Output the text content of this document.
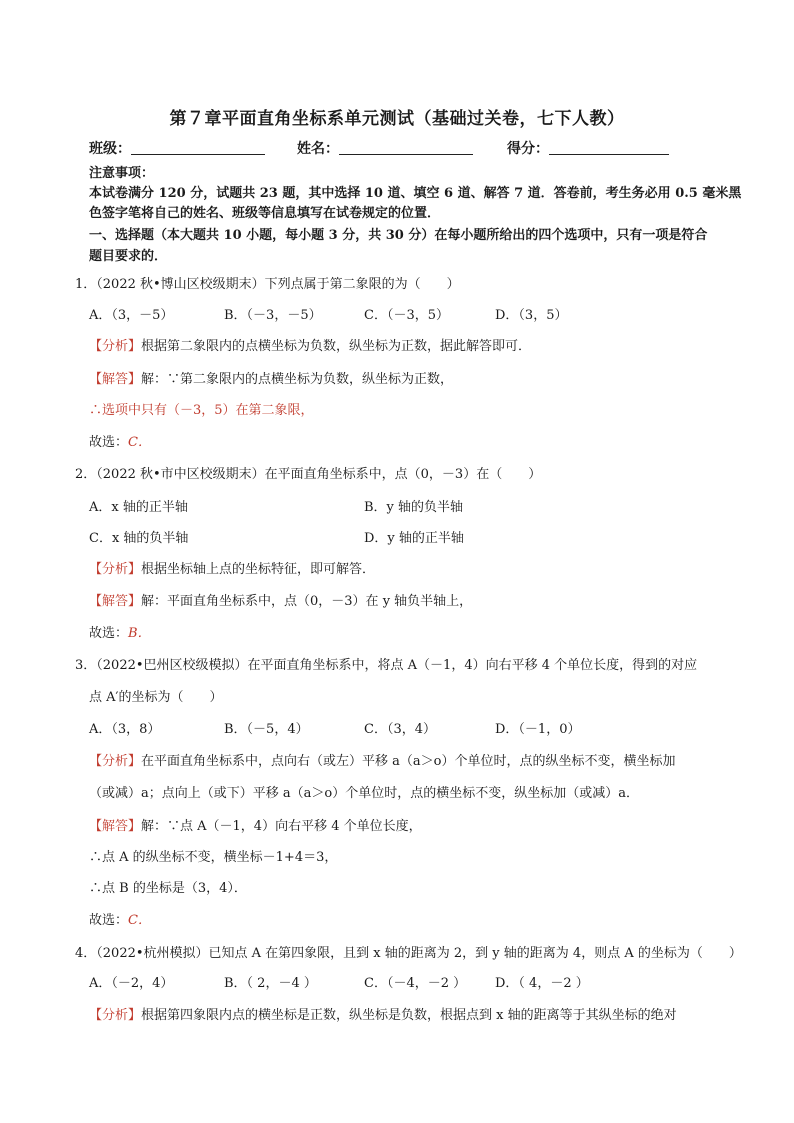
第７章平面直角坐标系单元测试（基础过关卷，七下人教）
班级：	姓名：	得分：
注意事项：
本试卷满分 120 分，试题共 23 题，其中选择 10 道、填空 6 道、解答 7 道．答卷前，考生务必用 0.5 毫米黑
色签字笔将自己的姓名、班级等信息填写在试卷规定的位置．
一、选择题（本大题共 10 小题，每小题 3 分，共 30 分）在每小题所给出的四个选项中，只有一项是符合
题目要求的．
1．（2022 秋•博山区校级期末）下列点属于第二象限的为（　　）
A．（3，－5）	B．（－3，－5）	C．（－3，5）	D．（3，5）
【分析】根据第二象限内的点横坐标为负数，纵坐标为正数，据此解答即可．
【解答】解：∵第二象限内的点横坐标为负数，纵坐标为正数，
∴选项中只有（－3，5）在第二象限，
故选：C．
2．（2022 秋•市中区校级期末）在平面直角坐标系中，点（0，－3）在（　　）
A．x 轴的正半轴	B．y 轴的负半轴
C．x 轴的负半轴	D．y 轴的正半轴
【分析】根据坐标轴上点的坐标特征，即可解答．
【解答】解：平面直角坐标系中，点（0，－3）在 y 轴负半轴上，
故选：B．
3．（2022•巴州区校级模拟）在平面直角坐标系中，将点 A（－1，4）向右平移 4 个单位长度，得到的对应
点 A′的坐标为（　　）
A．（3，8）	B．（－5，4）	C．（3，4）	D．（－1，0）
【分析】在平面直角坐标系中，点向右（或左）平移 a（a＞o）个单位时，点的纵坐标不变，横坐标加
（或减）a；点向上（或下）平移 a（a＞o）个单位时，点的横坐标不变，纵坐标加（或减）a．
【解答】解：∵点 A（－1，4）向右平移 4 个单位长度，
∴点 A 的纵坐标不变，横坐标－1+4＝3，
∴点 B 的坐标是（3，4）．
故选：C．
4．（2022•杭州模拟）已知点 A 在第四象限，且到 x 轴的距离为 2，到 y 轴的距离为 4，则点 A 的坐标为（　　）
A．（－2，4）	B．（ 2，－4 ）	C．（－4，－2 ） D．（ 4，－2 ）
【分析】根据第四象限内点的横坐标是正数，纵坐标是负数，根据点到 x 轴的距离等于其纵坐标的绝对
